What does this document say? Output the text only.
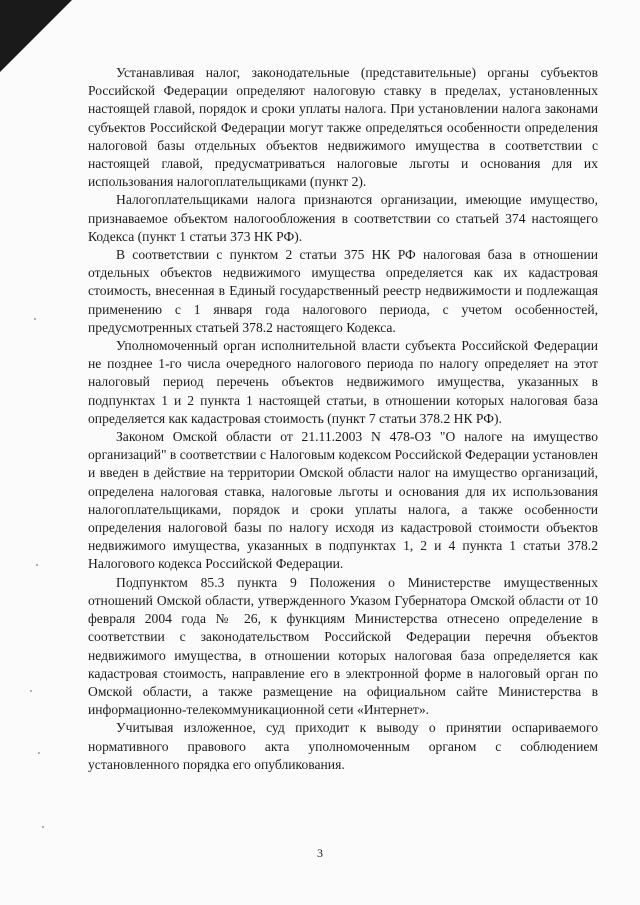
Устанавливая налог, законодательные (представительные) органы субъектов Российской Федерации определяют налоговую ставку в пределах, установленных настоящей главой, порядок и сроки уплаты налога. При установлении налога законами субъектов Российской Федерации могут также определяться особенности определения налоговой базы отдельных объектов недвижимого имущества в соответствии с настоящей главой, предусматриваться налоговые льготы и основания для их использования налогоплательщиками (пункт 2).

Налогоплательщиками налога признаются организации, имеющие имущество, признаваемое объектом налогообложения в соответствии со статьей 374 настоящего Кодекса (пункт 1 статьи 373 НК РФ).

В соответствии с пунктом 2 статьи 375 НК РФ налоговая база в отношении отдельных объектов недвижимого имущества определяется как их кадастровая стоимость, внесенная в Единый государственный реестр недвижимости и подлежащая применению с 1 января года налогового периода, с учетом особенностей, предусмотренных статьей 378.2 настоящего Кодекса.

Уполномоченный орган исполнительной власти субъекта Российской Федерации не позднее 1-го числа очередного налогового периода по налогу определяет на этот налоговый период перечень объектов недвижимого имущества, указанных в подпунктах 1 и 2 пункта 1 настоящей статьи, в отношении которых налоговая база определяется как кадастровая стоимость (пункт 7 статьи 378.2 НК РФ).

Законом Омской области от 21.11.2003 N 478-ОЗ "О налоге на имущество организаций" в соответствии с Налоговым кодексом Российской Федерации установлен и введен в действие на территории Омской области налог на имущество организаций, определена налоговая ставка, налоговые льготы и основания для их использования налогоплательщиками, порядок и сроки уплаты налога, а также особенности определения налоговой базы по налогу исходя из кадастровой стоимости объектов недвижимого имущества, указанных в подпунктах 1, 2 и 4 пункта 1 статьи 378.2 Налогового кодекса Российской Федерации.

Подпунктом 85.3 пункта 9 Положения о Министерстве имущественных отношений Омской области, утвержденного Указом Губернатора Омской области от 10 февраля 2004 года № 26, к функциям Министерства отнесено определение в соответствии с законодательством Российской Федерации перечня объектов недвижимого имущества, в отношении которых налоговая база определяется как кадастровая стоимость, направление его в электронной форме в налоговый орган по Омской области, а также размещение на официальном сайте Министерства в информационно-телекоммуникационной сети «Интернет».

Учитывая изложенное, суд приходит к выводу о принятии оспариваемого нормативного правового акта уполномоченным органом с соблюдением установленного порядка его опубликования.

3
